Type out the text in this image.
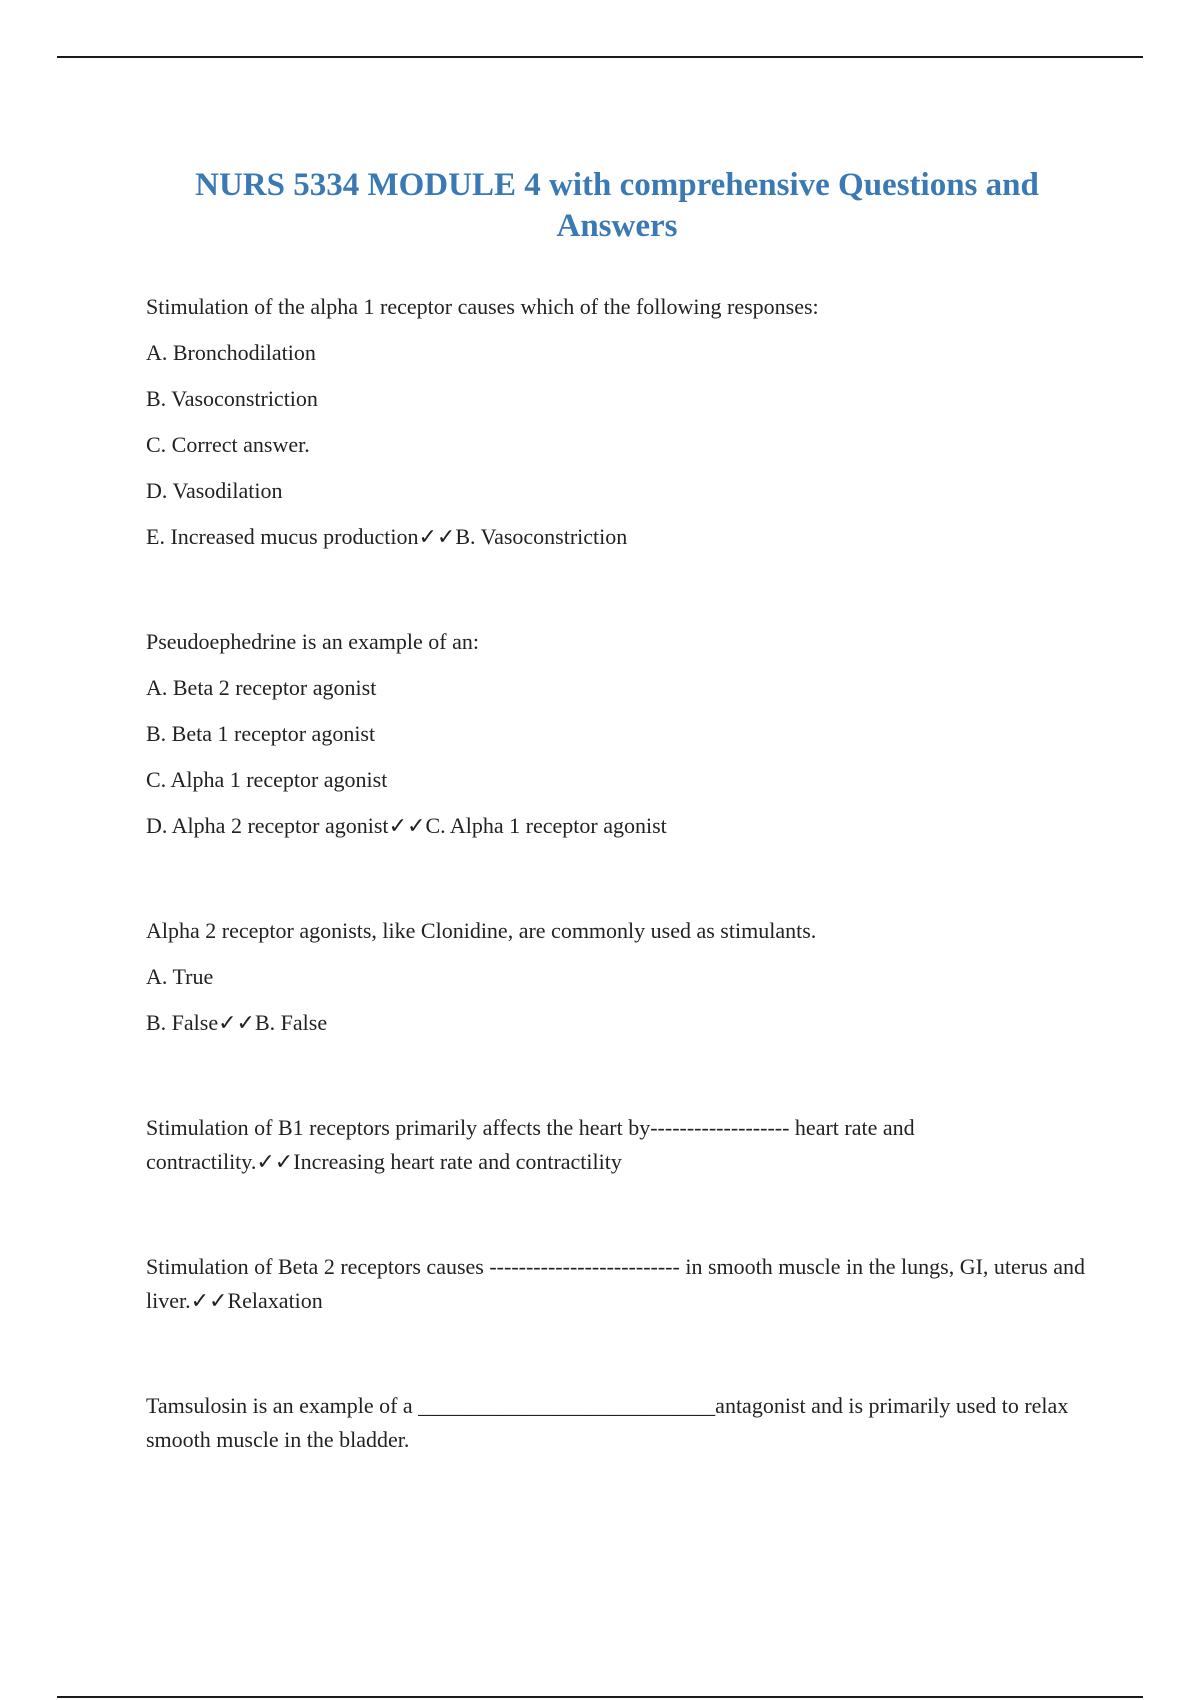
NURS 5334 MODULE 4 with comprehensive Questions and
Answers

Stimulation of the alpha 1 receptor causes which of the following responses:

A. Bronchodilation

B. Vasoconstriction

C. Correct answer.

D. Vasodilation

E. Increased mucus production✓✓B. Vasoconstriction

Pseudoephedrine is an example of an:

A. Beta 2 receptor agonist

B. Beta 1 receptor agonist

C. Alpha 1 receptor agonist

D. Alpha 2 receptor agonist✓✓C. Alpha 1 receptor agonist

Alpha 2 receptor agonists, like Clonidine, are commonly used as stimulants.

A. True

B. False✓✓B. False

Stimulation of B1 receptors primarily affects the heart by------------------- heart rate and contractility.✓✓Increasing heart rate and contractility

Stimulation of Beta 2 receptors causes -------------------------- in smooth muscle in the lungs, GI, uterus and liver.✓✓Relaxation

Tamsulosin is an example of a ___________________________antagonist and is primarily used to relax smooth muscle in the bladder.
